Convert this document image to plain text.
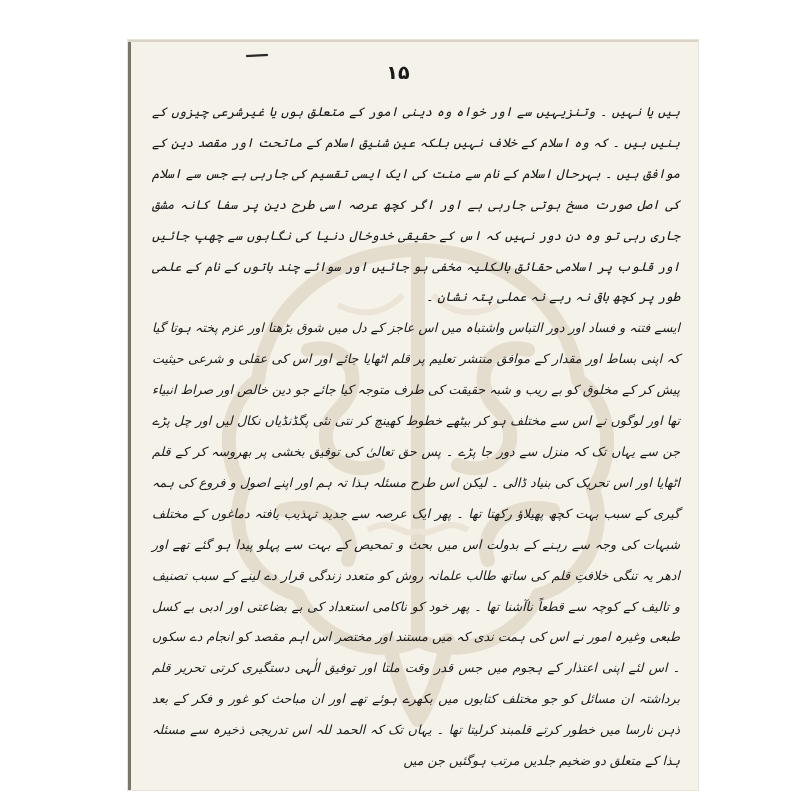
۱۵

ہیں یا نہیں ۔ وتنزیہیں سے اور خواہ وہ دینی امور کے متعلق ہوں یا غیرشرعی چیزوں کے بنیں بیں ۔ کہ وہ اسلام کے خلاف نہیں بلکہ عین شنیق اسلام کے ماتحت اور مقصد دین کے موافق ہیں ۔ بہرحال اسلام کے نام سے منت کی ایک ایسی تقسیم کی جارہی ہے جس سے اسلام کی اصل صورت مسخ ہوتی جارہی ہے اور اگر کچھ عرصہ اسی طرح دین پر سفا کانہ مشق جاری رہی تو وہ دن دور نہیں کہ اس کے حقیقی خدوخال دنیا کی نگاہوں سے چھپ جائیں اور قلوب پر اسلامی حقائق بالکلیہ مخفی ہو جائیں اور سوائے چند باتوں کے نام کے علمی طور پر کچھ باقی نہ رہے نہ عملی پتہ نشان ۔

ایسے فتنہ و فساد اور دور التباس واشتباہ میں اس عاجز کے دل میں شوق بڑھتا اور عزم پختہ ہوتا گیا کہ اپنی بساط اور مقدار کے موافق منتشر تعلیم پر قلم اٹھایا جائے اور اس کی عقلی و شرعی حیثیت پیش کر کے مخلوق کو بے ریب و شبہ حقیقت کی طرف متوجہ کیا جائے جو دین خالص اور صراط انبیاء تھا اور لوگوں نے اس سے مختلف ہو کر بیٹھے خطوط کھینچ کر نتی نئی پگڈنڈیاں نکال لیں اور چل پڑے جن سے یہاں تک کہ منزل سے دور جا پڑے ۔ پس حق تعالیٰ کی توفیق بخشی پر بھروسہ کر کے قلم اٹھایا اور اس تحریک کی بنیاد ڈالی ۔ لیکن اس طرح مسئلہ ہذا تہ ہم اور اپنے اصول و فروع کی ہمہ گیری کے سبب بہت کچھ پھیلاؤ رکھتا تھا ۔ پھر ایک عرصہ سے جدید تہذیب یافتہ دماغوں کے مختلف شبہات کی وجہ سے رہنے کے بدولت اس میں بحث و تمحیص کے بہت سے پہلو پیدا ہو گئے تھے اور ادھر یہ تنگی خلافتِ قلم کی ساتھ طالب علمانہ روش کو متعدد زندگی قرار دے لینے کے سبب تصنیف و تالیف کے کوچہ سے قطعاً ناآشنا تھا ۔ پھر خود کو ناکامی استعداد کی بے بضاعتی اور ادبی بے کسل طبعی وغیرہ امور نے اس کی ہمت ندی کہ میں مستند اور مختصر اس اہم مقصد کو انجام دے سکوں ۔ اس لئے اپنی اعتذار کے ہجوم میں جس قدر وقت ملتا اور توفیق الٰہی دستگیری کرتی تحریر قلم برداشتہ ان مسائل کو جو مختلف کتابوں میں بکھرے ہوئے تھے اور ان مباحث کو غور و فکر کے بعد ذہن نارسا میں خطور کرتے قلمبند کرلیتا تھا ۔ یہاں تک کہ الحمد للہ اس تدریجی ذخیرہ سے مسئلہ ہذا کے متعلق دو ضخیم جلدیں مرتب ہوگئیں جن میں
